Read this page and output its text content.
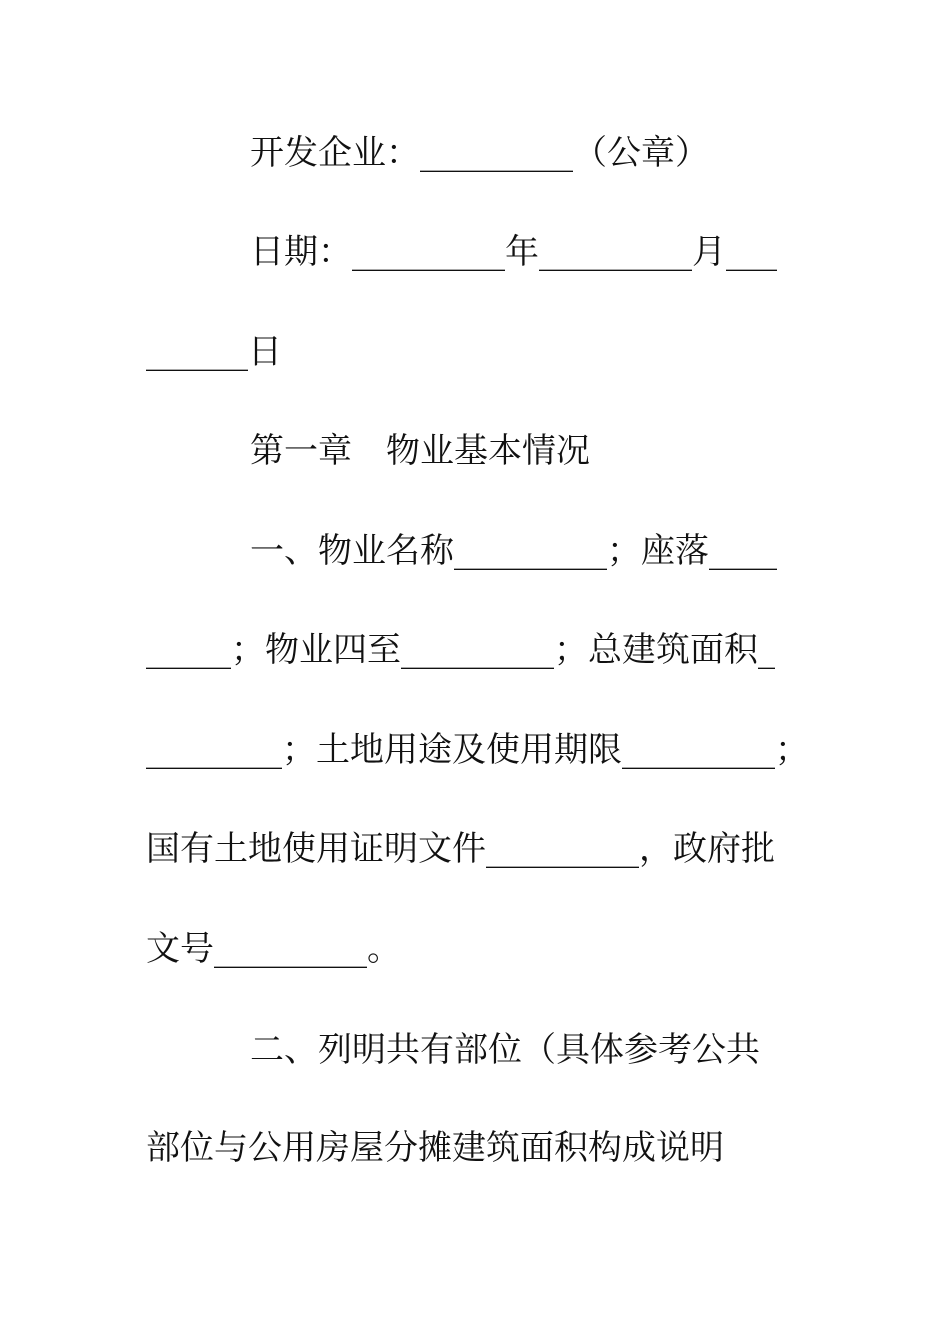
开发企业：_________（公章）
日期：_________年_________月___
______日
第一章　物业基本情况
一、物业名称_________；座落____
_____；物业四至_________；总建筑面积_
________；土地用途及使用期限_________；
国有土地使用证明文件_________，政府批
文号_________。
二、列明共有部位（具体参考公共
部位与公用房屋分摊建筑面积构成说明
